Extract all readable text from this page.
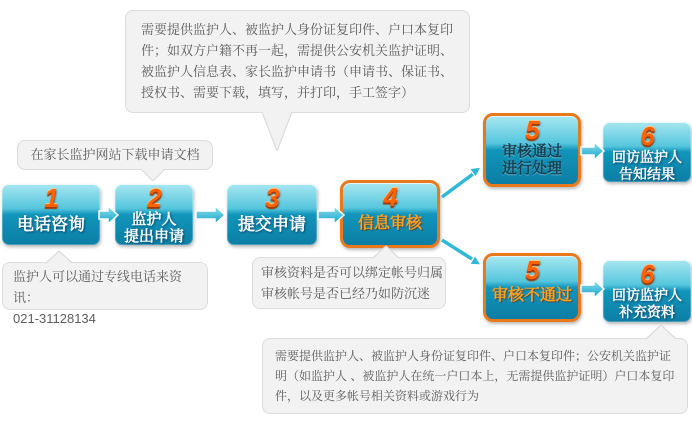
1
电话咨询
2
监护人
提出申请
3
提交申请
4
信息审核
5
审核通过
进行处理
6
回访监护人
告知结果
5
审核不通过
6
回访监护人
补充资料
需要提供监护人、被监护人身份证复印件、户口本复印件；如双方户籍不再一起，需提供公安机关监护证明、被监护人信息表、家长监护申请书（申请书、保证书、授权书、需要下载，填写，并打印，手工签字）
在家长监护网站下载申请文档
监护人可以通过专线电话来资讯：
021-31128134
审核资料是否可以绑定帐号归属
审核帐号是否已经乃如防沉迷
需要提供监护人、被监护人身份证复印件、户口本复印件；公安机关监护证明（如监护人 、被监护人在统一户口本上，无需提供监护证明）户口本复印件，以及更多帐号相关资料或游戏行为
